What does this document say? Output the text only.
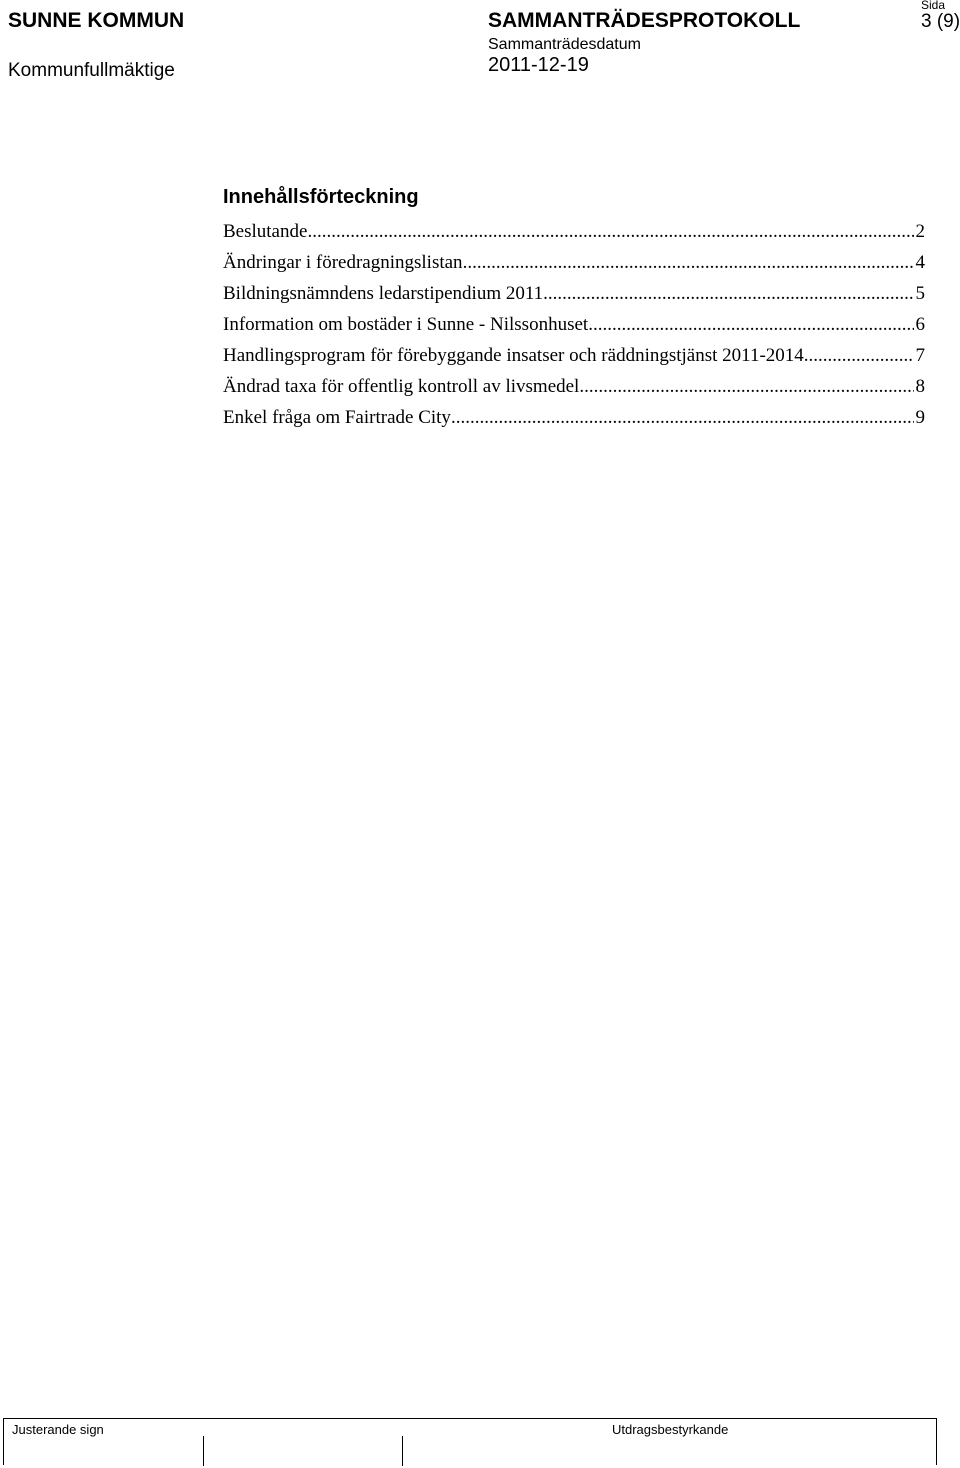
SUNNE KOMMUN
Kommunfullmäktige
SAMMANTRÄDESPROTOKOLL
Sammanträdesdatum
2011-12-19
Sida
3 (9)
Innehållsförteckning
Beslutande .....	2
Ändringar i föredragningslistan .....	4
Bildningsnämndens ledarstipendium 2011 .....	5
Information om bostäder i Sunne - Nilssonhuset .....	6
Handlingsprogram för förebyggande insatser och räddningstjänst 2011-2014 .....	7
Ändrad taxa för offentlig kontroll av livsmedel .....	8
Enkel fråga om Fairtrade City .....	9
Justerande sign	Utdragsbestyrkande
